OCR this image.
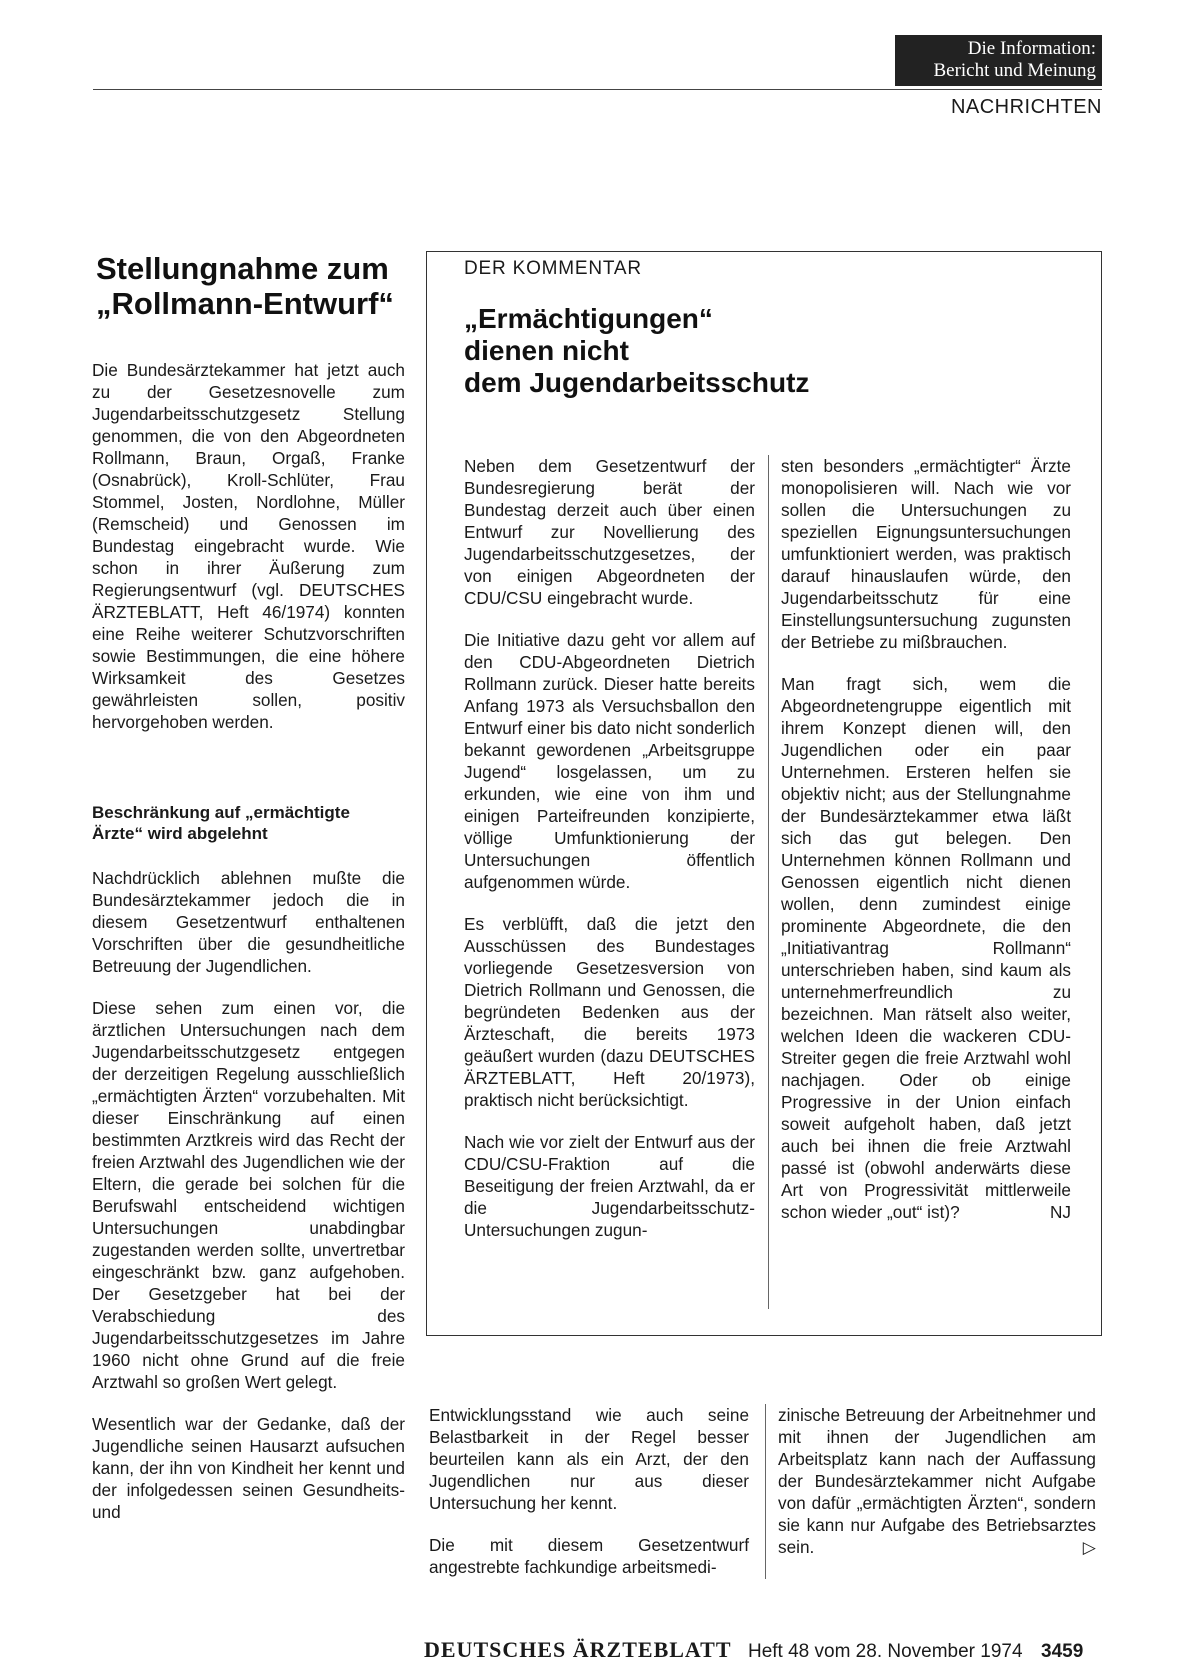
Die Information:
Bericht und Meinung
NACHRICHTEN
Stellungnahme zum
„Rollmann-Entwurf“

Die Bundesärztekammer hat jetzt auch zu der Gesetzesnovelle zum Jugendarbeitsschutzgesetz Stellung genommen, die von den Abgeordneten Rollmann, Braun, Orgaß, Franke (Osnabrück), Kroll-Schlüter, Frau Stommel, Josten, Nordlohne, Müller (Remscheid) und Genossen im Bundestag eingebracht wurde. Wie schon in ihrer Äußerung zum Regierungsentwurf (vgl. DEUTSCHES ÄRZTEBLATT, Heft 46/1974) konnten eine Reihe weiterer Schutzvorschriften sowie Bestimmungen, die eine höhere Wirksamkeit des Gesetzes gewährleisten sollen, positiv hervorgehoben werden.

Beschränkung auf „ermächtigte
Ärzte“ wird abgelehnt

Nachdrücklich ablehnen mußte die Bundesärztekammer jedoch die in diesem Gesetzentwurf enthaltenen Vorschriften über die gesundheitliche Betreuung der Jugendlichen.

Diese sehen zum einen vor, die ärztlichen Untersuchungen nach dem Jugendarbeitsschutzgesetz entgegen der derzeitigen Regelung ausschließlich „ermächtigten Ärzten“ vorzubehalten. Mit dieser Einschränkung auf einen bestimmten Arztkreis wird das Recht der freien Arztwahl des Jugendlichen wie der Eltern, die gerade bei solchen für die Berufswahl entscheidend wichtigen Untersuchungen unabdingbar zugestanden werden sollte, unvertretbar eingeschränkt bzw. ganz aufgehoben. Der Gesetzgeber hat bei der Verabschiedung des Jugendarbeitsschutzgesetzes im Jahre 1960 nicht ohne Grund auf die freie Arztwahl so großen Wert gelegt.

Wesentlich war der Gedanke, daß der Jugendliche seinen Hausarzt aufsuchen kann, der ihn von Kindheit her kennt und der infolgedessen seinen Gesundheits- und

DER KOMMENTAR
„Ermächtigungen“
dienen nicht
dem Jugendarbeitsschutz

Neben dem Gesetzentwurf der Bundesregierung berät der Bundestag derzeit auch über einen Entwurf zur Novellierung des Jugendarbeitsschutzgesetzes, der von einigen Abgeordneten der CDU/CSU eingebracht wurde.

Die Initiative dazu geht vor allem auf den CDU-Abgeordneten Dietrich Rollmann zurück. Dieser hatte bereits Anfang 1973 als Versuchsballon den Entwurf einer bis dato nicht sonderlich bekannt gewordenen „Arbeitsgruppe Jugend“ losgelassen, um zu erkunden, wie eine von ihm und einigen Parteifreunden konzipierte, völlige Umfunktionierung der Untersuchungen öffentlich aufgenommen würde.

Es verblüfft, daß die jetzt den Ausschüssen des Bundestages vorliegende Gesetzesversion von Dietrich Rollmann und Genossen, die begründeten Bedenken aus der Ärzteschaft, die bereits 1973 geäußert wurden (dazu DEUTSCHES ÄRZTEBLATT, Heft 20/1973), praktisch nicht berücksichtigt.

Nach wie vor zielt der Entwurf aus der CDU/CSU-Fraktion auf die Beseitigung der freien Arztwahl, da er die Jugendarbeitsschutz-Untersuchungen zugun-

sten besonders „ermächtigter“ Ärzte monopolisieren will. Nach wie vor sollen die Untersuchungen zu speziellen Eignungsuntersuchungen umfunktioniert werden, was praktisch darauf hinauslaufen würde, den Jugendarbeitsschutz für eine Einstellungsuntersuchung zugunsten der Betriebe zu mißbrauchen.

Man fragt sich, wem die Abgeordnetengruppe eigentlich mit ihrem Konzept dienen will, den Jugendlichen oder ein paar Unternehmen. Ersteren helfen sie objektiv nicht; aus der Stellungnahme der Bundesärztekammer etwa läßt sich das gut belegen. Den Unternehmen können Rollmann und Genossen eigentlich nicht dienen wollen, denn zumindest einige prominente Abgeordnete, die den „Initiativantrag Rollmann“ unterschrieben haben, sind kaum als unternehmerfreundlich zu bezeichnen. Man rätselt also weiter, welchen Ideen die wackeren CDU-Streiter gegen die freie Arztwahl wohl nachjagen. Oder ob einige Progressive in der Union einfach soweit aufgeholt haben, daß jetzt auch bei ihnen die freie Arztwahl passé ist (obwohl anderwärts diese Art von Progressivität mittlerweile schon wieder „out“ ist)?	NJ

Entwicklungsstand wie auch seine Belastbarkeit in der Regel besser beurteilen kann als ein Arzt, der den Jugendlichen nur aus dieser Untersuchung her kennt.

Die mit diesem Gesetzentwurf angestrebte fachkundige arbeitsmedi-

zinische Betreuung der Arbeitnehmer und mit ihnen der Jugendlichen am Arbeitsplatz kann nach der Auffassung der Bundesärztekammer nicht Aufgabe von dafür „ermächtigten Ärzten“, sondern sie kann nur Aufgabe des Betriebsarztes sein.	▷

DEUTSCHES ÄRZTEBLATT Heft 48 vom 28. November 1974 3459
